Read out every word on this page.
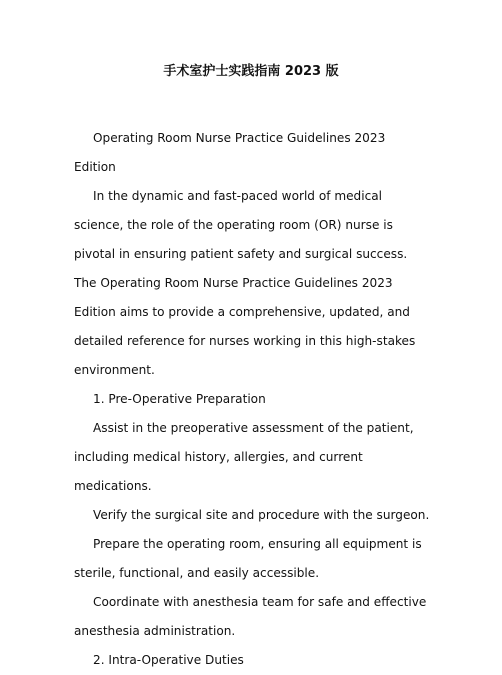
手术室护士实践指南 2023 版

Operating Room Nurse Practice Guidelines 2023 Edition

In the dynamic and fast-paced world of medical science, the role of the operating room (OR) nurse is pivotal in ensuring patient safety and surgical success. The Operating Room Nurse Practice Guidelines 2023 Edition aims to provide a comprehensive, updated, and detailed reference for nurses working in this high-stakes environment.

1. Pre-Operative Preparation

Assist in the preoperative assessment of the patient, including medical history, allergies, and current medications.

Verify the surgical site and procedure with the surgeon.

Prepare the operating room, ensuring all equipment is sterile, functional, and easily accessible.

Coordinate with anesthesia team for safe and effective anesthesia administration.

2. Intra-Operative Duties
